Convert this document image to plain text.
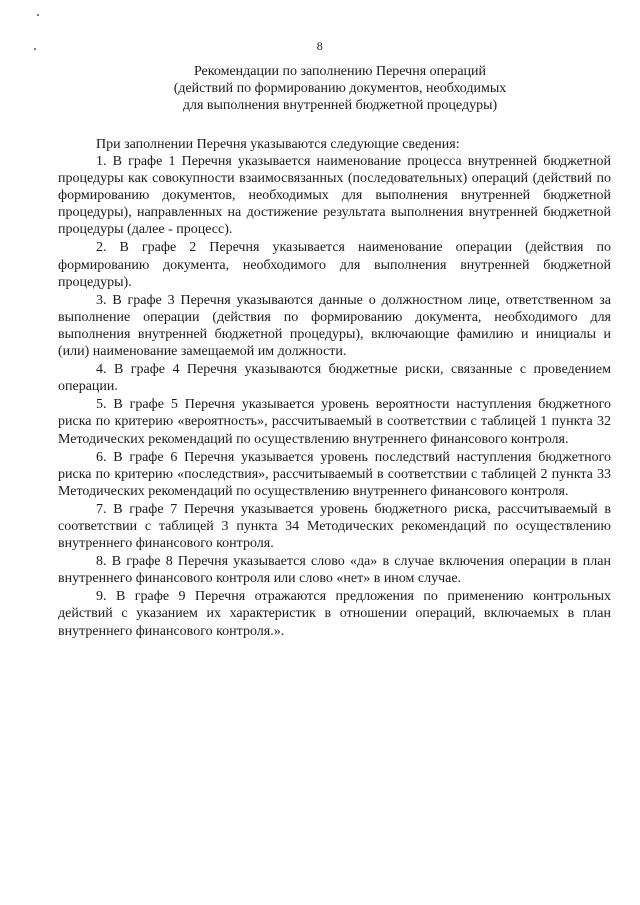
8
Рекомендации по заполнению Перечня операций
(действий по формированию документов, необходимых
для выполнения внутренней бюджетной процедуры)
При заполнении Перечня указываются следующие сведения:

1. В графе 1 Перечня указывается наименование процесса внутренней бюджетной процедуры как совокупности взаимосвязанных (последовательных) операций (действий по формированию документов, необходимых для выполнения внутренней бюджетной процедуры), направленных на достижение результата выполнения внутренней бюджетной процедуры (далее - процесс).

2. В графе 2 Перечня указывается наименование операции (действия по формированию документа, необходимого для выполнения внутренней бюджетной процедуры).

3. В графе 3 Перечня указываются данные о должностном лице, ответственном за выполнение операции (действия по формированию документа, необходимого для выполнения внутренней бюджетной процедуры), включающие фамилию и инициалы и (или) наименование замещаемой им должности.

4. В графе 4 Перечня указываются бюджетные риски, связанные с проведением операции.

5. В графе 5 Перечня указывается уровень вероятности наступления бюджетного риска по критерию «вероятность», рассчитываемый в соответствии с таблицей 1 пункта 32 Методических рекомендаций по осуществлению внутреннего финансового контроля.

6. В графе 6 Перечня указывается уровень последствий наступления бюджетного риска по критерию «последствия», рассчитываемый в соответствии с таблицей 2 пункта 33 Методических рекомендаций по осуществлению внутреннего финансового контроля.

7. В графе 7 Перечня указывается уровень бюджетного риска, рассчитываемый в соответствии с таблицей 3 пункта 34 Методических рекомендаций по осуществлению внутреннего финансового контроля.

8. В графе 8 Перечня указывается слово «да» в случае включения операции в план внутреннего финансового контроля или слово «нет» в ином случае.

9. В графе 9 Перечня отражаются предложения по применению контрольных действий с указанием их характеристик в отношении операций, включаемых в план внутреннего финансового контроля.».
